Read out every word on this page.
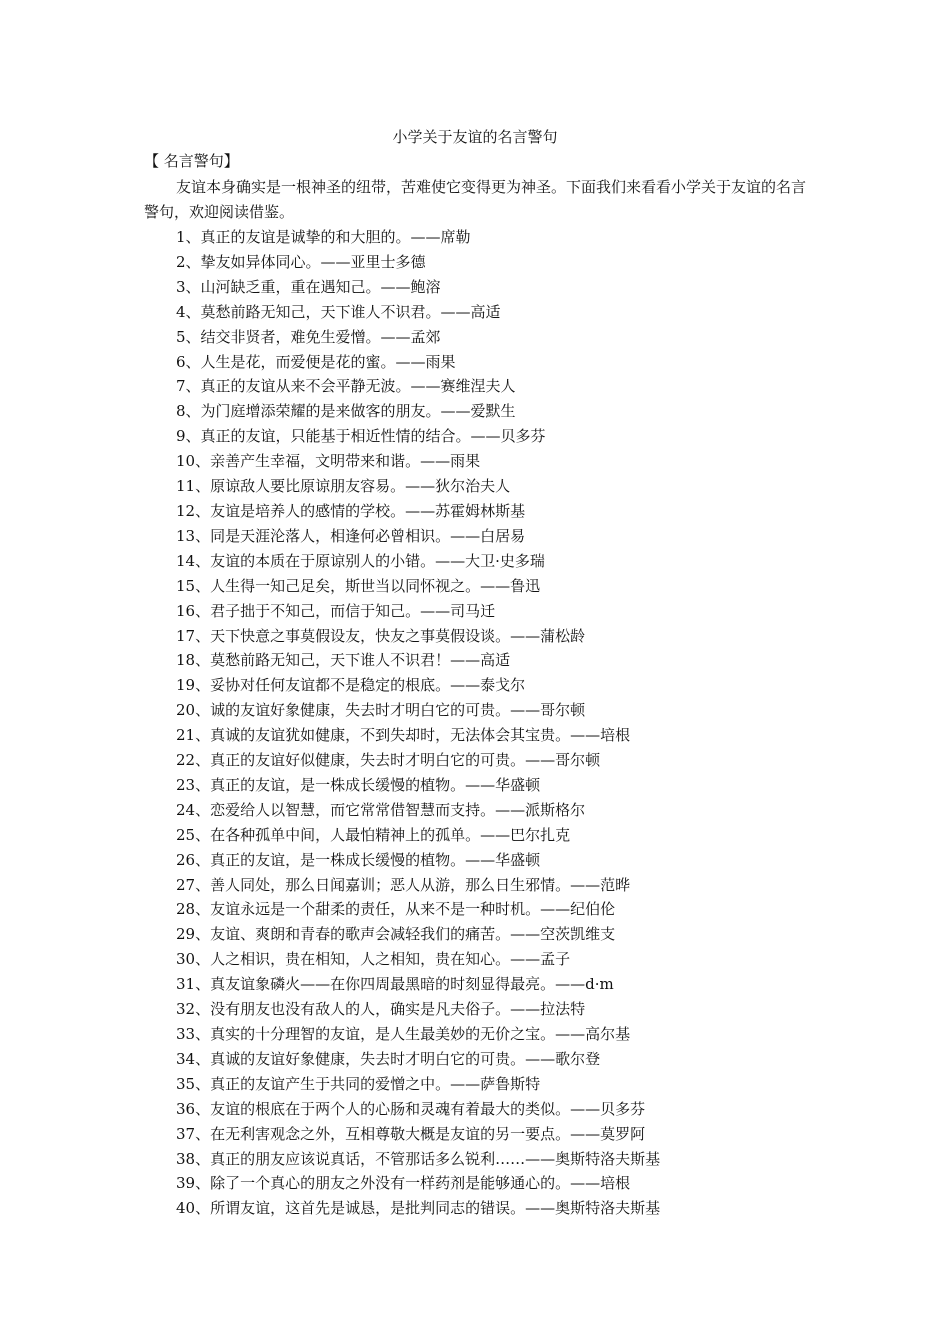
小学关于友谊的名言警句
【 名言警句】
友谊本身确实是一根神圣的纽带，苦难使它变得更为神圣。下面我们来看看小学关于友谊的名言警句，欢迎阅读借鉴。
1、真正的友谊是诚挚的和大胆的。——席勒
2、挚友如异体同心。——亚里士多德
3、山河缺乏重，重在遇知己。——鲍溶
4、莫愁前路无知己，天下谁人不识君。——高适
5、结交非贤者，难免生爱憎。——孟郊
6、人生是花，而爱便是花的蜜。——雨果
7、真正的友谊从来不会平静无波。——赛维涅夫人
8、为门庭增添荣耀的是来做客的朋友。——爱默生
9、真正的友谊，只能基于相近性情的结合。——贝多芬
10、亲善产生幸福，文明带来和谐。——雨果
11、原谅敌人要比原谅朋友容易。——狄尔治夫人
12、友谊是培养人的感情的学校。——苏霍姆林斯基
13、同是天涯沦落人，相逢何必曾相识。——白居易
14、友谊的本质在于原谅别人的小错。——大卫·史多瑞
15、人生得一知己足矣，斯世当以同怀视之。——鲁迅
16、君子拙于不知己，而信于知己。——司马迁
17、天下快意之事莫假设友，快友之事莫假设谈。——蒲松龄
18、莫愁前路无知己，天下谁人不识君！——高适
19、妥协对任何友谊都不是稳定的根底。——泰戈尔
20、诚的友谊好象健康，失去时才明白它的可贵。——哥尔顿
21、真诚的友谊犹如健康，不到失却时，无法体会其宝贵。——培根
22、真正的友谊好似健康，失去时才明白它的可贵。——哥尔顿
23、真正的友谊，是一株成长缓慢的植物。——华盛顿
24、恋爱给人以智慧，而它常常借智慧而支持。——派斯格尔
25、在各种孤单中间，人最怕精神上的孤单。——巴尔扎克
26、真正的友谊，是一株成长缓慢的植物。——华盛顿
27、善人同处，那么日闻嘉训；恶人从游，那么日生邪情。——范晔
28、友谊永远是一个甜柔的责任，从来不是一种时机。——纪伯伦
29、友谊、爽朗和青春的歌声会减轻我们的痛苦。——空茨凯维支
30、人之相识，贵在相知，人之相知，贵在知心。——孟子
31、真友谊象磷火——在你四周最黑暗的时刻显得最亮。——d·m
32、没有朋友也没有敌人的人，确实是凡夫俗子。——拉法特
33、真实的十分理智的友谊，是人生最美妙的无价之宝。——高尔基
34、真诚的友谊好象健康，失去时才明白它的可贵。——歌尔登
35、真正的友谊产生于共同的爱憎之中。——萨鲁斯特
36、友谊的根底在于两个人的心肠和灵魂有着最大的类似。——贝多芬
37、在无利害观念之外，互相尊敬大概是友谊的另一要点。——莫罗阿
38、真正的朋友应该说真话，不管那话多么锐利……——奥斯特洛夫斯基
39、除了一个真心的朋友之外没有一样药剂是能够通心的。——培根
40、所谓友谊，这首先是诚恳，是批判同志的错误。——奥斯特洛夫斯基
